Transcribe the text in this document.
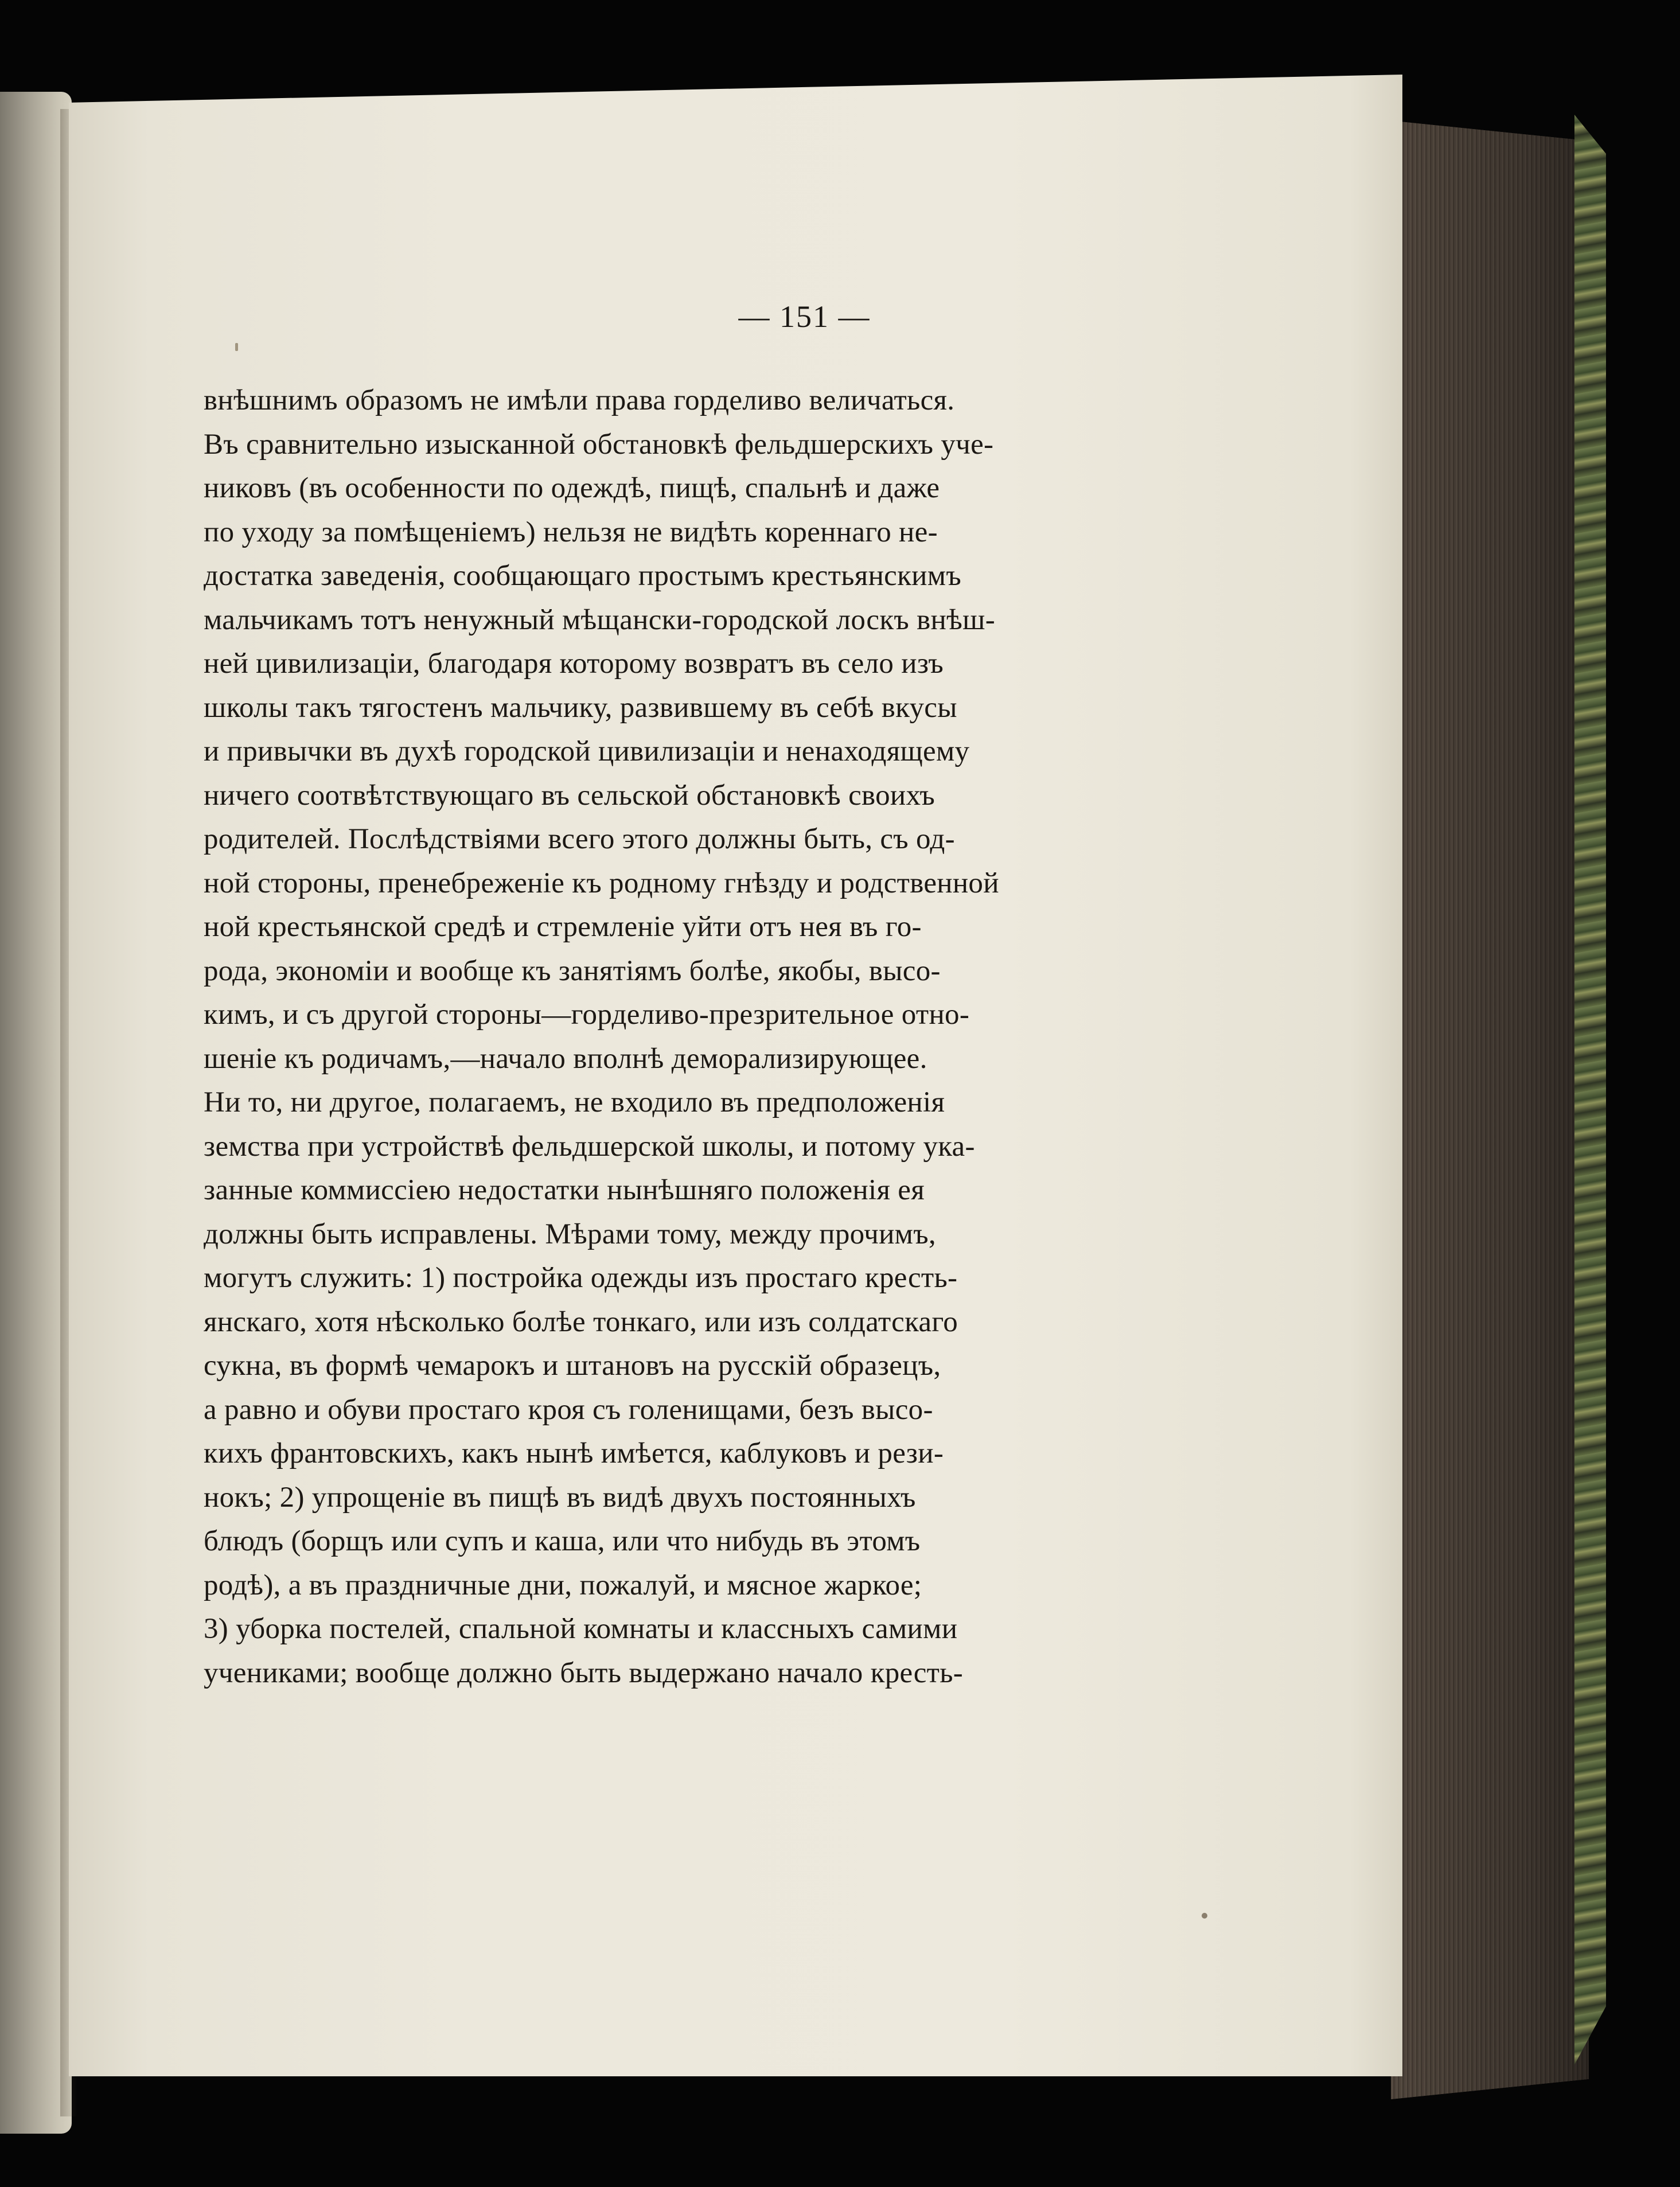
— 151 —
внѣшнимъ образомъ не имѣли права горделиво величаться.
Въ сравнительно изысканной обстановкѣ фельдшерскихъ уче-
никовъ (въ особенности по одеждѣ, пищѣ, спальнѣ и даже
по уходу за помѣщеніемъ) нельзя не видѣть кореннаго не-
достатка заведенія, сообщающаго простымъ крестьянскимъ
мальчикамъ тотъ ненужный мѣщански-городской лоскъ внѣш-
ней цивилизаціи, благодаря которому возвратъ въ село изъ
школы такъ тягостенъ мальчику, развившему въ себѣ вкусы
и привычки въ духѣ городской цивилизаціи и ненаходящему
ничего соотвѣтствующаго въ сельской обстановкѣ своихъ
родителей. Послѣдствіями всего этого должны быть, съ од-
ной стороны, пренебреженіе къ родному гнѣзду и родственной
ной крестьянской средѣ и стремленіе уйти отъ нея въ го-
рода, экономіи и вообще къ занятіямъ болѣе, якобы, высо-
кимъ, и съ другой стороны—горделиво-презрительное отно-
шеніе къ родичамъ,—начало вполнѣ деморализирующее.
Ни то, ни другое, полагаемъ, не входило въ предположенія
земства при устройствѣ фельдшерской школы, и потому ука-
занные коммиссіею недостатки нынѣшняго положенія ея
должны быть исправлены. Мѣрами тому, между прочимъ,
могутъ служить: 1) постройка одежды изъ простаго кресть-
янскаго, хотя нѣсколько болѣе тонкаго, или изъ солдатскаго
сукна, въ формѣ чемарокъ и штановъ на русскій образецъ,
а равно и обуви простаго кроя съ голенищами, безъ высо-
кихъ франтовскихъ, какъ нынѣ имѣется, каблуковъ и рези-
нокъ; 2) упрощеніе въ пищѣ въ видѣ двухъ постоянныхъ
блюдъ (борщъ или супъ и каша, или что нибудь въ этомъ
родѣ), а въ праздничные дни, пожалуй, и мясное жаркое;
3) уборка постелей, спальной комнаты и классныхъ самими
учениками; вообще должно быть выдержано начало кресть-
